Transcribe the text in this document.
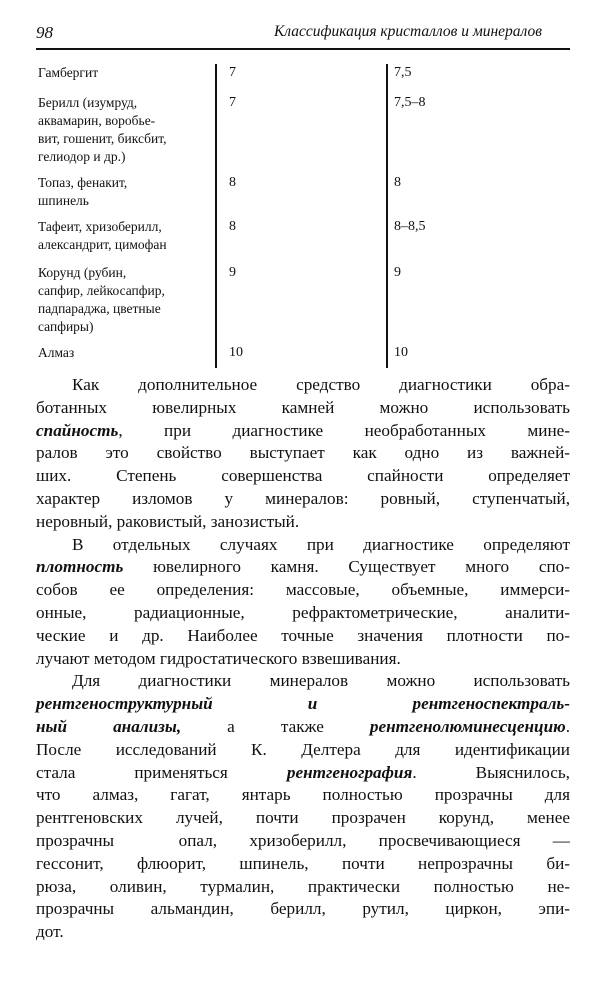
98	Классификация кристаллов и минералов
Гамбергит	7	7,5
Берилл (изумруд,
аквамарин, воробье-
вит, гошенит, биксбит,
гелиодор и др.)
7	7,5–8
Топаз, фенакит,
шпинель
8	8
Тафеит, хризоберилл,
александрит, цимофан
8	8–8,5
Корунд (рубин,
сапфир, лейкосапфир,
падпараджа, цветные
сапфиры)
9	9
Алмаз	10	10
Как дополнительное средство диагностики обра-
ботанных ювелирных камней можно использовать
спайность, при диагностике необработанных мине-
ралов это свойство выступает как одно из важней-
ших. Степень совершенства спайности определяет
характер изломов у минералов: ровный, ступенчатый,
неровный, раковистый, занозистый.
В отдельных случаях при диагностике определяют
плотность ювелирного камня. Существует много спо-
собов ее определения: массовые, объемные, иммерси-
онные, радиационные, рефрактометрические, аналити-
ческие и др. Наиболее точные значения плотности по-
лучают методом гидростатического взвешивания.
Для диагностики минералов можно использовать
рентгеноструктурный и рентгеноспектраль-
ный анализы, а также рентгенолюминесценцию.
После исследований К. Делтера для идентификации
стала применяться рентгенография. Выяснилось,
что алмаз, гагат, янтарь полностью прозрачны для
рентгеновских лучей, почти прозрачен корунд, менее
прозрачны  опал, хризоберилл, просвечивающиеся —
гессонит, флюорит, шпинель, почти непрозрачны би-
рюза, оливин, турмалин, практически полностью не-
прозрачны альмандин, берилл, рутил, циркон, эпи-
дот.
